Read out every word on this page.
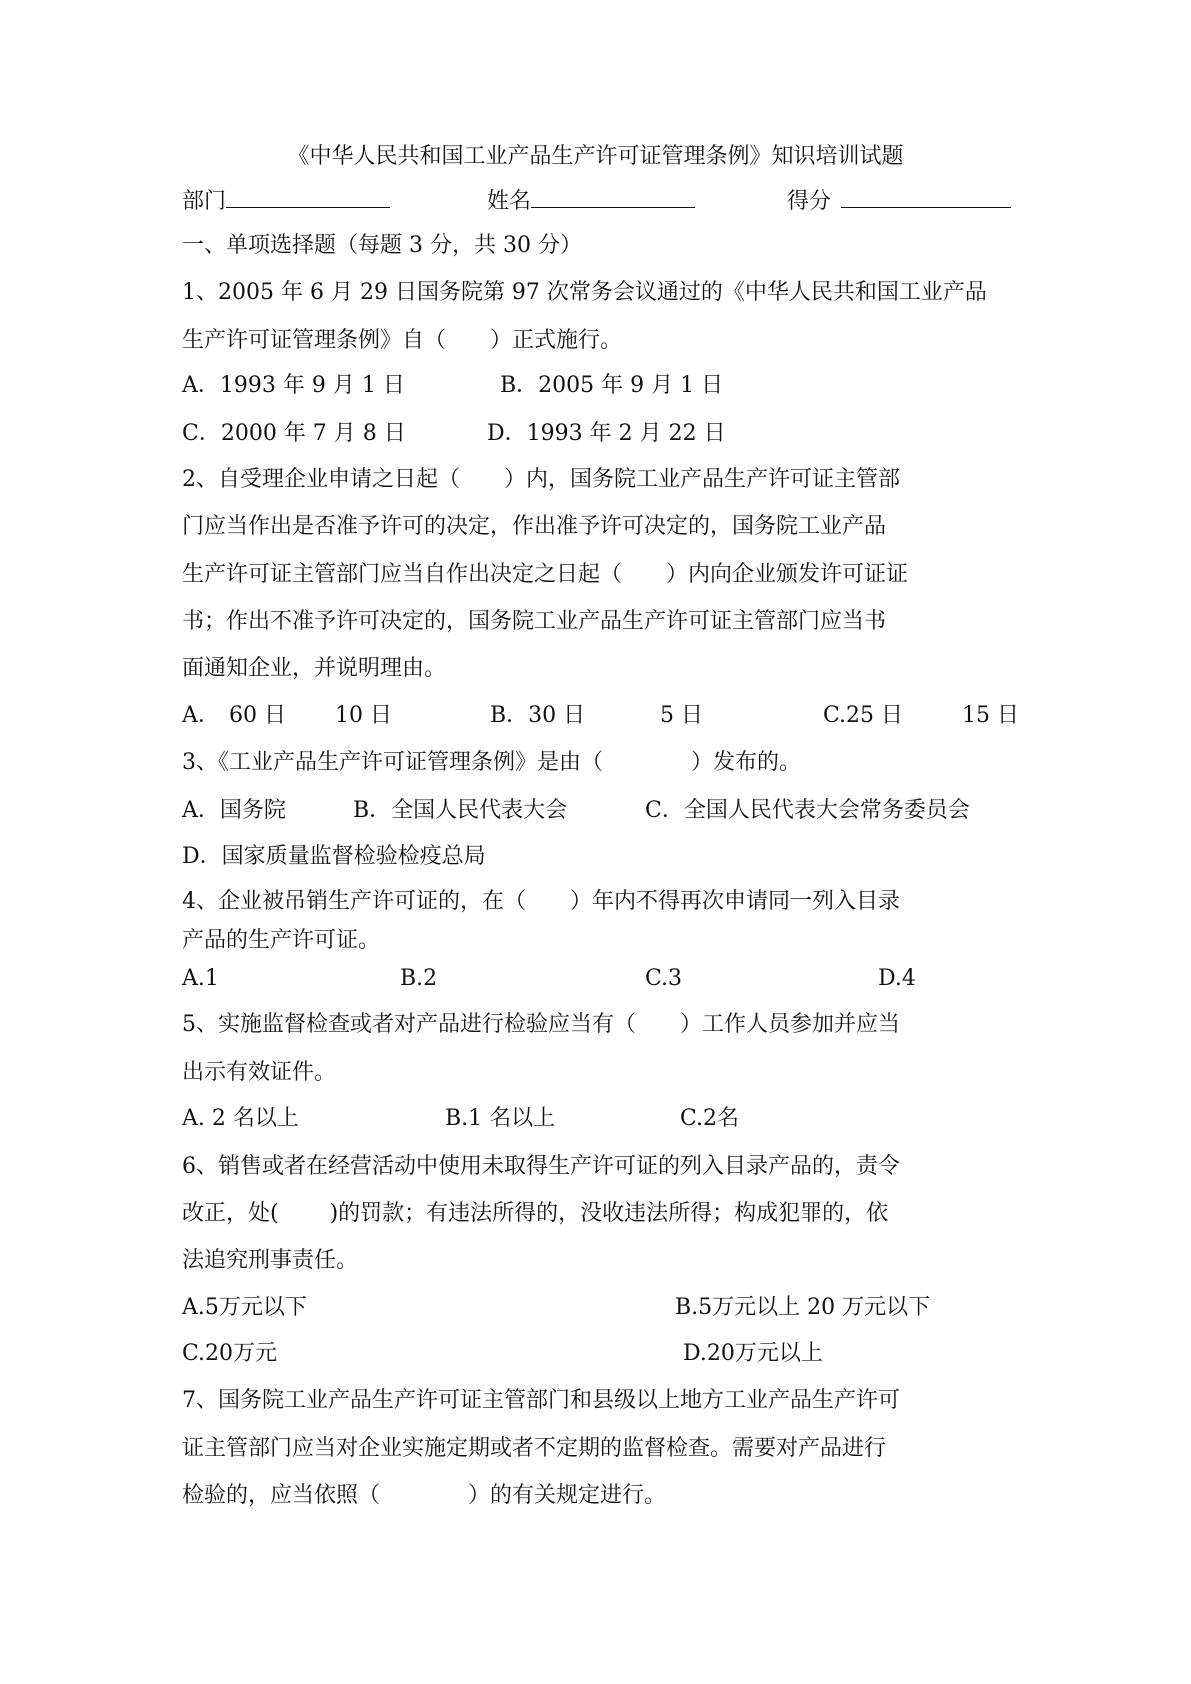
《中华人民共和国工业产品生产许可证管理条例》知识培训试题
部门	姓名	得分
一、单项选择题（每题 3 分，共 30 分）
1、2005 年 6 月 29 日国务院第 97 次常务会议通过的《中华人民共和国工业产品
生产许可证管理条例》自（　　）正式施行。
A．1993 年 9 月 1 日	B．2005 年 9 月 1 日
C．2000 年 7 月 8 日	D．1993 年 2 月 22 日
2、自受理企业申请之日起（　　）内，国务院工业产品生产许可证主管部
门应当作出是否准予许可的决定，作出准予许可决定的，国务院工业产品
生产许可证主管部门应当自作出决定之日起（　　）内向企业颁发许可证证
书；作出不准予许可决定的，国务院工业产品生产许可证主管部门应当书
面通知企业，并说明理由。
A． 60 日 10 日	B．30 日	5 日	C.25 日	15 日
3、《工业产品生产许可证管理条例》是由（　　　　）发布的。
A．国务院	B．全国人民代表大会	C．全国人民代表大会常务委员会
D．国家质量监督检验检疫总局
4、企业被吊销生产许可证的，在（　　）年内不得再次申请同一列入目录
产品的生产许可证。
A.1	B.2	C.3	D.4
5、实施监督检查或者对产品进行检验应当有（　　）工作人员参加并应当
出示有效证件。
A. 2 名以上	B.1 名以上	C.2名
6、销售或者在经营活动中使用未取得生产许可证的列入目录产品的，责令
改正，处(　　 )的罚款；有违法所得的，没收违法所得；构成犯罪的，依
法追究刑事责任。
A.5万元以下	B.5万元以上 20 万元以下
C.20万元	D.20万元以上
7、国务院工业产品生产许可证主管部门和县级以上地方工业产品生产许可
证主管部门应当对企业实施定期或者不定期的监督检查。需要对产品进行
检验的，应当依照（　　　　）的有关规定进行。
